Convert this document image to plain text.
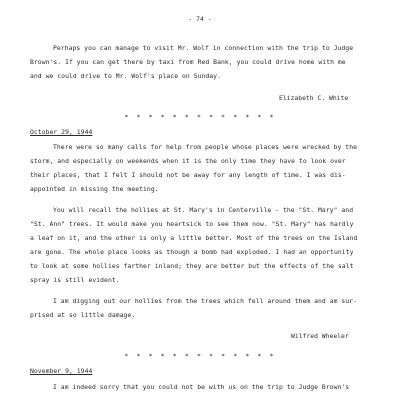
- 74 -
Perhaps you can manage to visit Mr. Wolf in connection with the trip to Judge
Brown's. If you can get there by taxi from Red Bank, you could drive home with me
and we could drive to Mr. Wolf's place on Sunday.
Elizabeth C. White
* * * * * * * * * * * * *
October 29, 1944
There were so many calls for help from people whose places were wrecked by the
storm, and especially on weekends when it is the only time they have to look over
their places, that I felt I should not be away for any length of time. I was dis-
appointed in missing the meeting.
You will recall the hollies at St. Mary's in Centerville - the "St. Mary" and
"St. Ann" trees. It would make you heartsick to see them now. "St. Mary" has hardly
a leaf on it, and the other is only a little better. Most of the trees on the Island
are gone. The whole place looks as though a bomb had exploded. I had an opportunity
to look at some hollies farther inland; they are better but the effects of the salt
spray is still evident.
I am digging out our hollies from the trees which fell around them and am sur-
prised at so little damage.
Wilfred Wheeler
* * * * * * * * * * * * *
November 9, 1944
I am indeed sorry that you could not be with us on the trip to Judge Brown's
